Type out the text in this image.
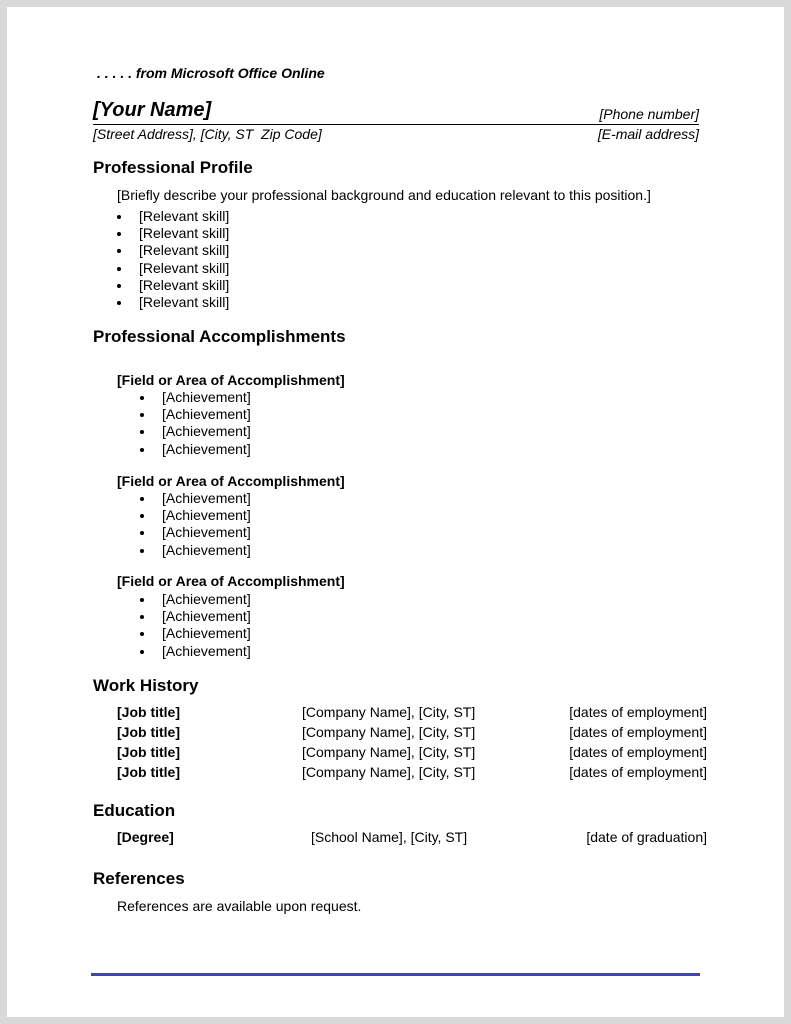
. . . . . from Microsoft Office Online
[Your Name]	[Phone number]
[Street Address], [City, ST  Zip Code]	[E-mail address]
Professional Profile
[Briefly describe your professional background and education relevant to this position.]
[Relevant skill]
[Relevant skill]
[Relevant skill]
[Relevant skill]
[Relevant skill]
[Relevant skill]
Professional Accomplishments
[Field or Area of Accomplishment]
[Achievement]
[Achievement]
[Achievement]
[Achievement]
[Field or Area of Accomplishment]
[Achievement]
[Achievement]
[Achievement]
[Achievement]
[Field or Area of Accomplishment]
[Achievement]
[Achievement]
[Achievement]
[Achievement]
Work History
[Job title]	[Company Name], [City, ST]	[dates of employment]
[Job title]	[Company Name], [City, ST]	[dates of employment]
[Job title]	[Company Name], [City, ST]	[dates of employment]
[Job title]	[Company Name], [City, ST]	[dates of employment]
Education
[Degree]	[School Name], [City, ST]	[date of graduation]
References
References are available upon request.
